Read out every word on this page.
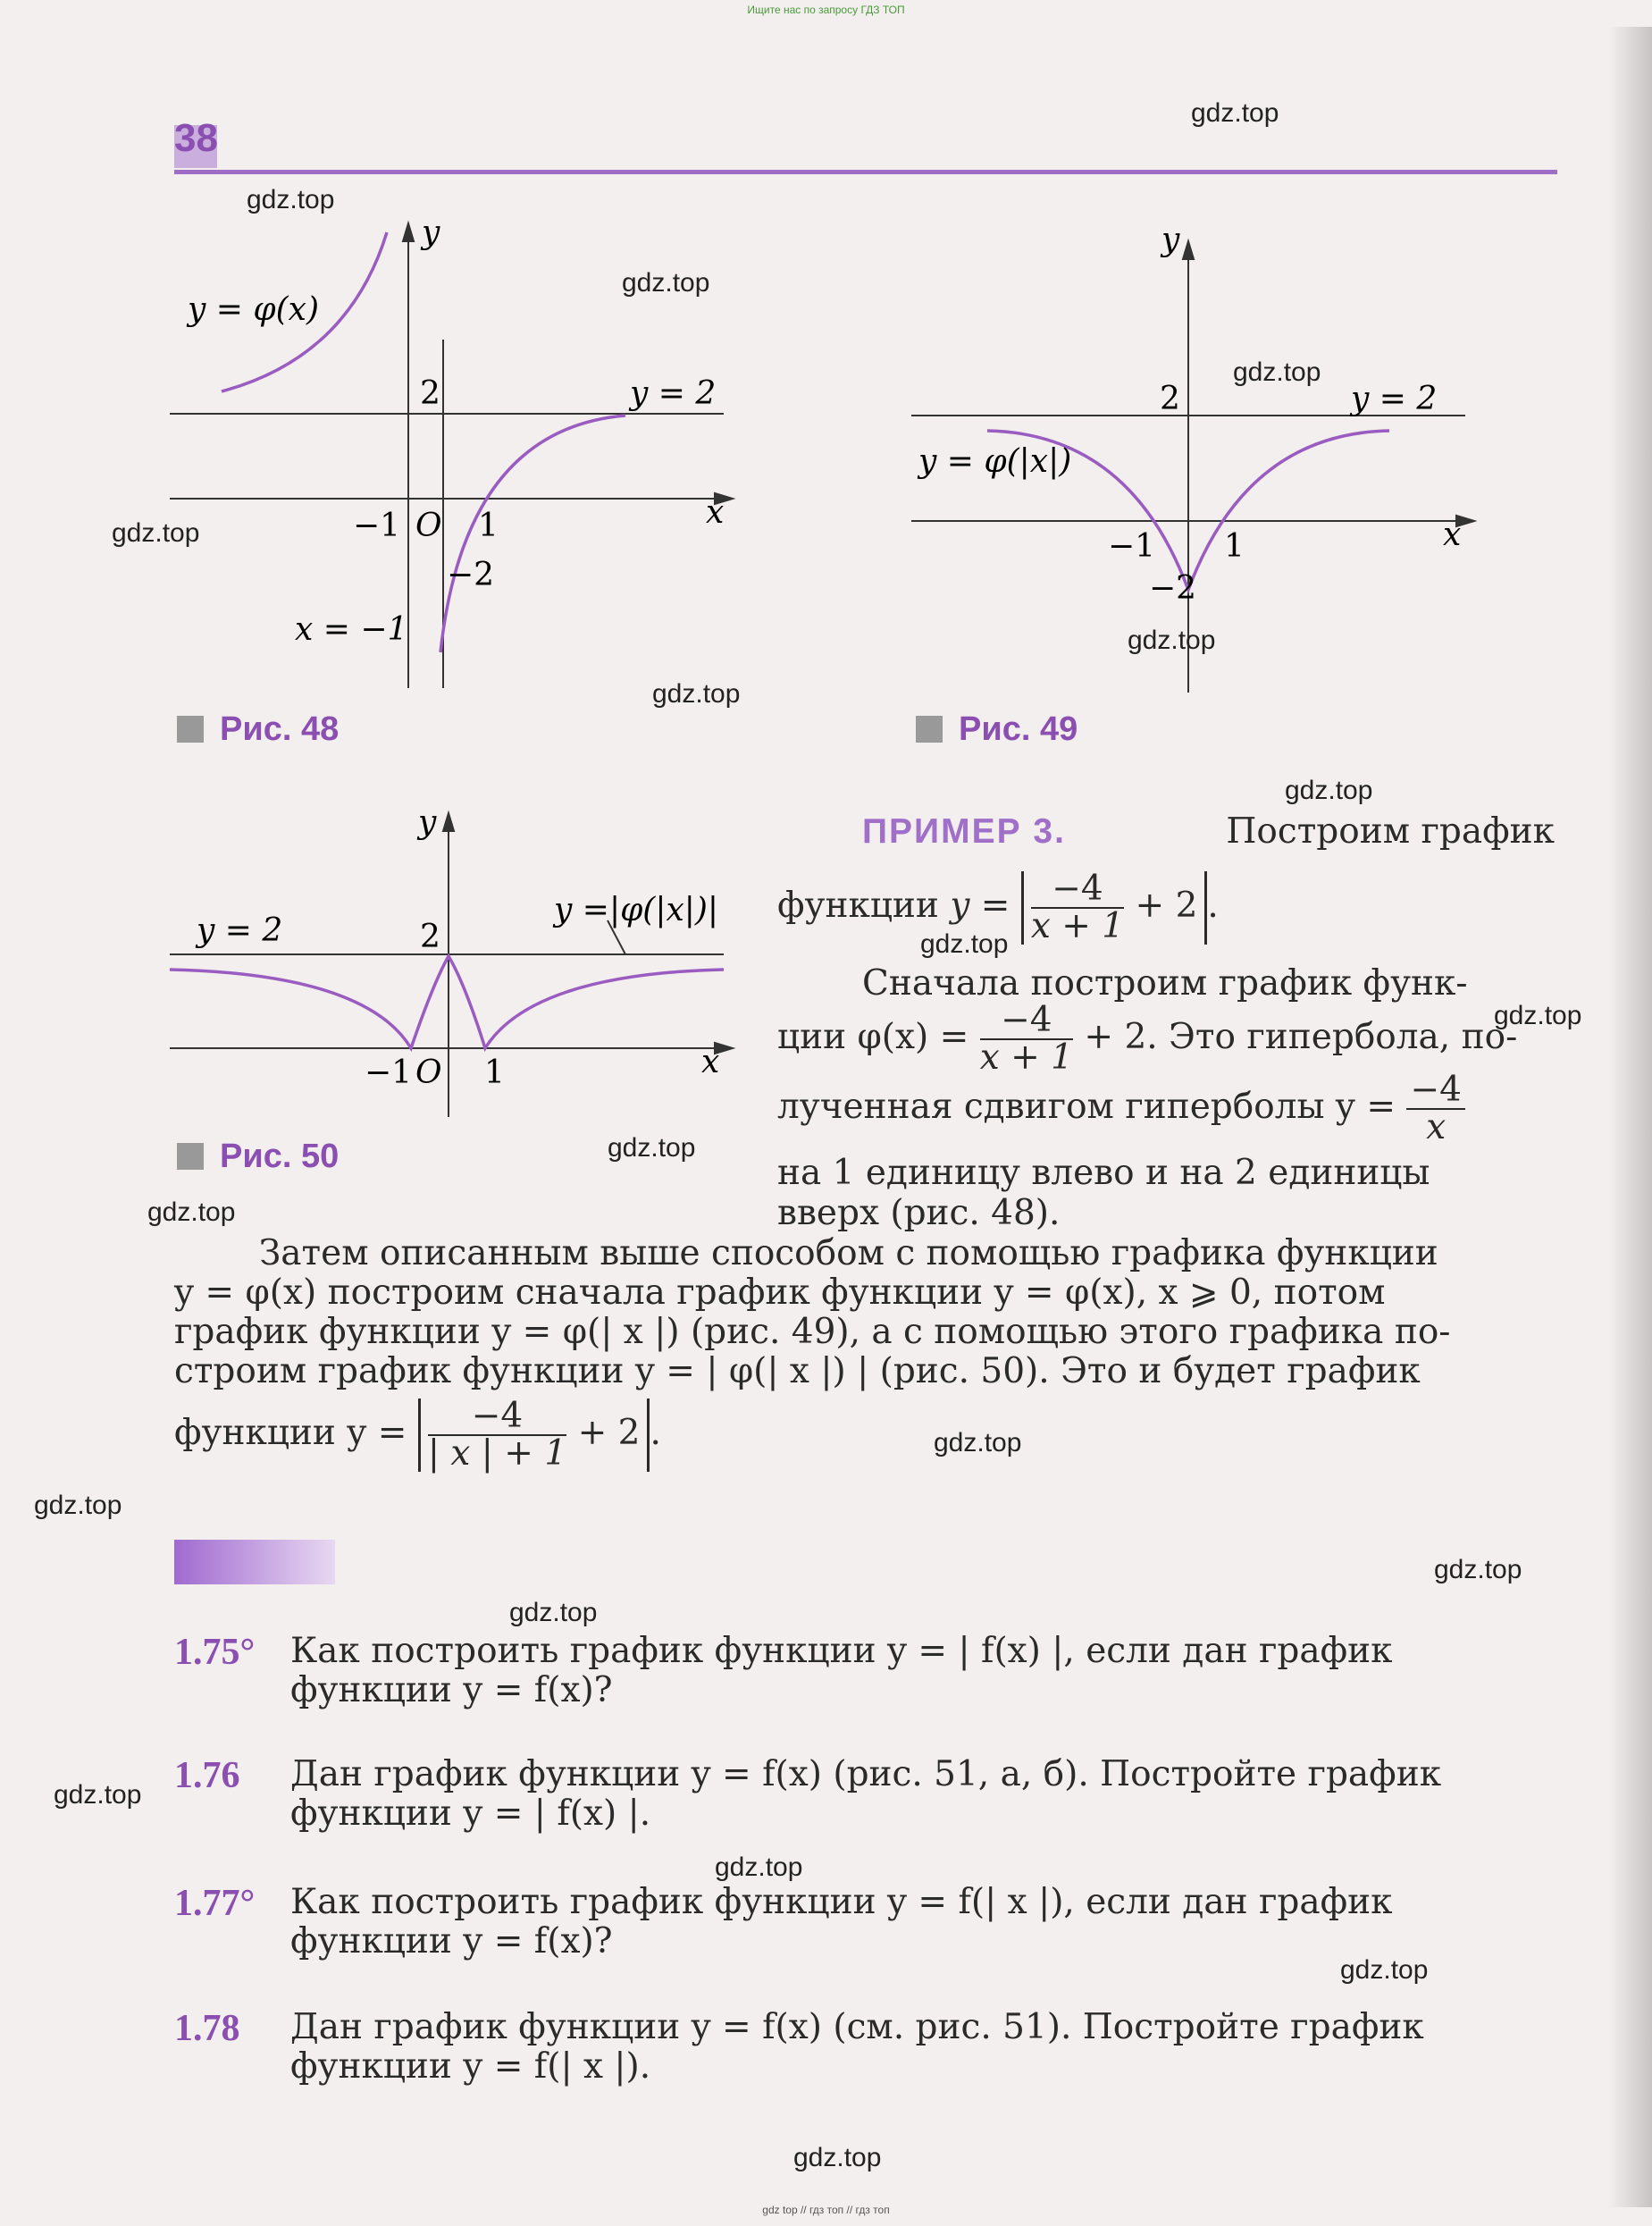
Ищите нас по запросу ГДЗ ТОП
38
y
x
y = φ(x)
2	y = 2
−1 O 1
−2
x = −1
Рис. 48
y
x
y = φ(|x|)
2	y = 2
−1 1
−2
Рис. 49
y
x
y = 2	2
y =|φ(|x|)|
−1 O 1
Рис. 50
ПРИМЕР 3.	Построим график
функции $y = \frac{-4}{x + 1} + 2$ .
Сначала построим график функ-
ции $\varphi(x) = \frac{-4}{x + 1} + 2$. Это гипербола, по-
лученная сдвигом гиперболы $y = \frac{-4}{x}$
на 1 единицу влево и на 2 единицы
вверх (рис. 48).
Затем описанным выше способом с помощью графика функции
y = φ(x) построим сначала график функции y = φ(x), x ⩾ 0, потом
график функции y = φ(| x |) (рис. 49), а с помощью этого графика по-
строим график функции y = | φ(| x |) | (рис. 50). Это и будет график
функции $y = \frac{-4}{| x | + 1} + 2$ .
1.75° Как построить график функции y = | f(x) |, если дан график
функции y = f(x)?
1.76 Дан график функции y = f(x) (рис. 51, а, б). Постройте график
функции y = | f(x) |.
1.77° Как построить график функции y = f(| x |), если дан график
функции y = f(x)?
1.78 Дан график функции y = f(x) (см. рис. 51). Постройте график
функции y = f(| x |).
gdz.top
gdz.top
gdz.top
gdz.top
gdz.top
gdz.top
gdz.top
gdz.top
gdz.top
gdz.top
gdz.top
gdz.top
gdz.top
gdz.top
gdz.top
gdz.top
gdz.top
gdz.top
gdz.top
gdz.top
gdz top // гдз топ // гдз топ
